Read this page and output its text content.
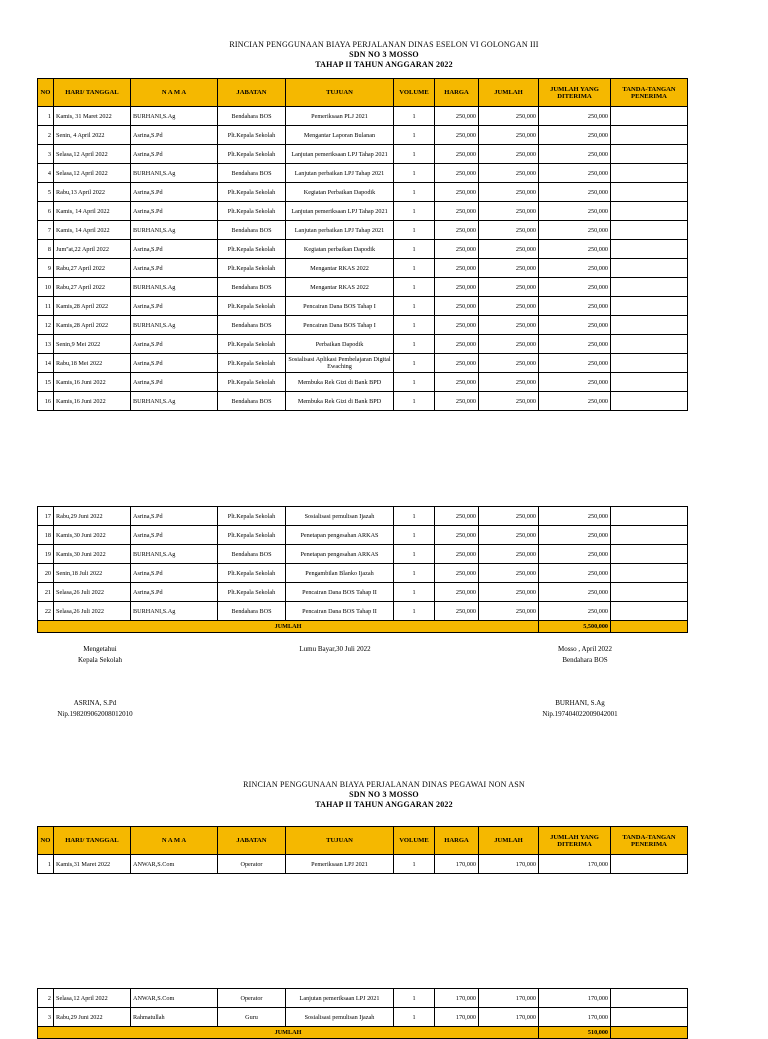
RINCIAN PENGGUNAAN BIAYA PERJALANAN DINAS ESELON VI GOLONGAN III
SDN NO 3 MOSSO
TAHAP II TAHUN ANGGARAN 2022
NO	HARI/ TANGGAL	N A M A	JABATAN	TUJUAN	VOLUME	HARGA	JUMLAH	JUMLAH YANG DITERIMA	TANDA-TANGAN PENERIMA
1	Kamis, 31 Maret 2022	BURHANI,S.Ag	Bendahara BOS	Pemeriksaan PLJ 2021	1	250,000	250,000	250,000	
2	Senin, 4 April 2022	Asrina,S.Pd	Plt.Kepala Sekolah	Mengantar Laporan Bulanan	1	250,000	250,000	250,000	
3	Selasa,12 April 2022	Asrina,S.Pd	Plt.Kepala Sekolah	Lanjutan pemeriksaan LPJ Tahap 2021	1	250,000	250,000	250,000	
4	Selasa,12 April 2022	BURHANI,S.Ag	Bendahara BOS	Lanjutan perbaikan LPJ Tahap 2021	1	250,000	250,000	250,000	
5	Rabu,13 April 2022	Asrina,S.Pd	Plt.Kepala Sekolah	Kegiatan Perbaikan Dapodik	1	250,000	250,000	250,000	
6	Kamis, 14 April 2022	Asrina,S.Pd	Plt.Kepala Sekolah	Lanjutan pemeriksaan LPJ Tahap 2021	1	250,000	250,000	250,000	
7	Kamis, 14 April 2022	BURHANI,S.Ag	Bendahara BOS	Lanjutan perbaikan LPJ Tahap 2021	1	250,000	250,000	250,000	
8	Jum''at,22 April 2022	Asrina,S.Pd	Plt.Kepala Sekolah	Kegiatan perbaikan Dapodik	1	250,000	250,000	250,000	
9	Rabu,27 April 2022	Asrina,S.Pd	Plt.Kepala Sekolah	Mengantar RKAS 2022	1	250,000	250,000	250,000	
10	Rabu,27 April 2022	BURHANI,S.Ag	Bendahara BOS	Mengantar RKAS 2022	1	250,000	250,000	250,000	
11	Kamis,28 April 2022	Asrina,S.Pd	Plt.Kepala Sekolah	Pencairan Dana BOS Tahap I	1	250,000	250,000	250,000	
12	Kamis,28 April 2022	BURHANI,S.Ag	Bendahara BOS	Pencairan Dana BOS Tahap I	1	250,000	250,000	250,000	
13	Senin,9 Mei 2022	Asrina,S.Pd	Plt.Kepala Sekolah	Perbaikan Dapodik	1	250,000	250,000	250,000	
14	Rabu,18 Mei 2022	Asrina,S.Pd	Plt.Kepala Sekolah	Sosialisasi Aplikasi Pembelajaran Digital Ewaching	1	250,000	250,000	250,000	
15	Kamis,16 Juni 2022	Asrina,S.Pd	Plt.Kepala Sekolah	Membuka Rek Gizi di Bank BPD	1	250,000	250,000	250,000	
16	Kamis,16 Juni 2022	BURHANI,S.Ag	Bendahara BOS	Membuka Rek Gizi di Bank BPD	1	250,000	250,000	250,000	
17	Rabu,29 Juni 2022	Asrina,S.Pd	Plt.Kepala Sekolah	Sosialisasi pemulisan Ijazah	1	250,000	250,000	250,000	
18	Kamis,30 Juni 2022	Asrina,S.Pd	Plt.Kepala Sekolah	Penetapan pengesahan ARKAS	1	250,000	250,000	250,000	
19	Kamis,30 Juni 2022	BURHANI,S.Ag	Bendahara BOS	Penetapan pengesahan ARKAS	1	250,000	250,000	250,000	
20	Senin,18 Juli 2022	Asrina,S.Pd	Plt.Kepala Sekolah	Pengambilan Blanko Ijazah	1	250,000	250,000	250,000	
21	Selasa,26 Juli 2022	Asrina,S.Pd	Plt.Kepala Sekolah	Pencairan Dana BOS Tahap II	1	250,000	250,000	250,000	
22	Selasa,26 Juli 2022	BURHANI,S.Ag	Bendahara BOS	Pencairan Dana BOS Tahap II	1	250,000	250,000	250,000	
JUMLAH								5,500,000	
Mengetahui
Kepala Sekolah
Lumu Bayar,30 Juli 2022	Mosso , April 2022
Bendahara BOS
ASRINA, S.Pd
Nip.198209062008012010
BURHANI, S.Ag
Nip.197404022009042001
RINCIAN PENGGUNAAN BIAYA PERJALANAN DINAS PEGAWAI NON ASN
SDN NO 3 MOSSO
TAHAP II TAHUN ANGGARAN 2022
NO	HARI/ TANGGAL	N A M A	JABATAN	TUJUAN	VOLUME	HARGA	JUMLAH	JUMLAH YANG DITERIMA	TANDA-TANGAN PENERIMA
1	Kamis,31 Maret 2022	ANWAR,S.Com	Operator	Pemeriksaan LPJ 2021	1	170,000	170,000	170,000	
2	Selasa,12 April 2022	ANWAR,S.Com	Operator	Lanjutan pemeriksaan LPJ 2021	1	170,000	170,000	170,000	
3	Rabu,29 Juni 2022	Rahmatullah	Guru	Sosialisasi pemulisan Ijazah	1	170,000	170,000	170,000	
JUMLAH								510,000	
